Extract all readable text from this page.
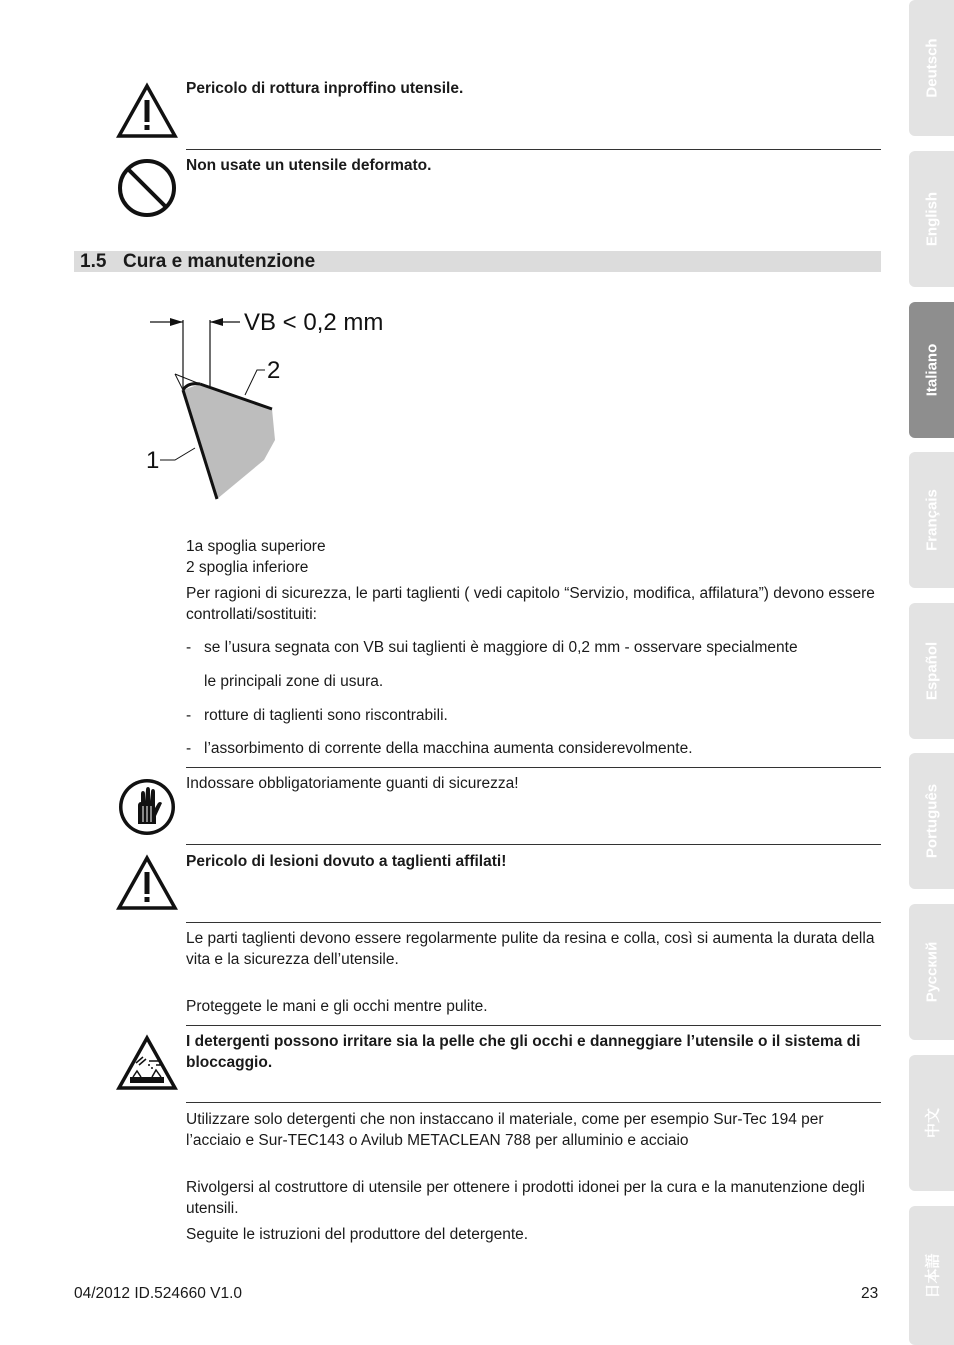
Pericolo di rottura inproffino utensile.
Non usate un utensile deformato.
1.5 Cura e manutenzione
VB < 0,2 mm
2
1
1a spoglia superiore
2 spoglia inferiore
Per ragioni di sicurezza, le parti taglienti ( vedi capitolo “Servizio, modifica, affilatura”) devono essere controllati/sostituiti:
- se l’usura segnata con VB sui taglienti è maggiore di 0,2 mm - osservare specialmente
le principali zone di usura.
- rotture di taglienti sono riscontrabili.
- l’assorbimento di corrente della macchina aumenta considerevolmente.
Indossare obbligatoriamente guanti di sicurezza!
Pericolo di lesioni dovuto a taglienti affilati!
Le parti taglienti devono essere regolarmente pulite da resina e colla, così si aumenta la durata della vita e la sicurezza dell’utensile.
Proteggete le mani e gli occhi mentre pulite.
I detergenti possono irritare sia la pelle che gli occhi e danneggiare l’utensile o il sistema di bloccaggio.
Utilizzare solo detergenti che non instaccano il materiale, come per esempio Sur-Tec 194 per l’acciaio e Sur-TEC143 o Avilub METACLEAN 788 per alluminio e acciaio
Rivolgersi al costruttore di utensile per ottenere i prodotti idonei per la cura e la manutenzione degli utensili.
Seguite le istruzioni del produttore del detergente.
04/2012 ID.524660 V1.0	23
Deutsch
English
Italiano
Français
Español
Português
Русский
中文
日本語
